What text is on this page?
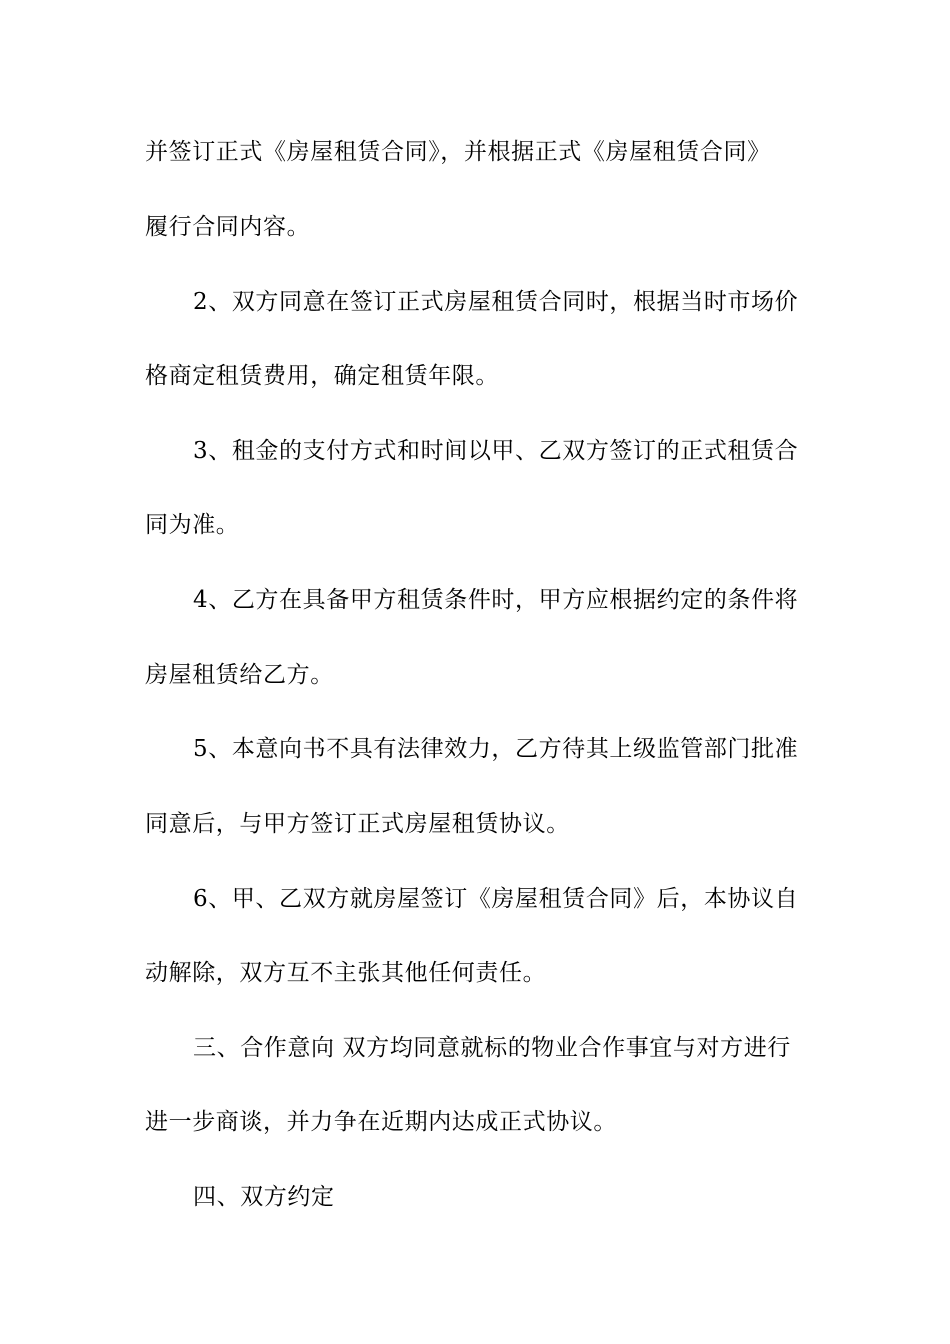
并签订正式《房屋租赁合同》，并根据正式《房屋租赁合同》
履行合同内容。
2、双方同意在签订正式房屋租赁合同时，根据当时市场价
格商定租赁费用，确定租赁年限。
3、租金的支付方式和时间以甲、乙双方签订的正式租赁合
同为准。
4、乙方在具备甲方租赁条件时，甲方应根据约定的条件将
房屋租赁给乙方。
5、本意向书不具有法律效力，乙方待其上级监管部门批准
同意后，与甲方签订正式房屋租赁协议。
6、甲、乙双方就房屋签订《房屋租赁合同》后，本协议自
动解除，双方互不主张其他任何责任。
三、合作意向 双方均同意就标的物业合作事宜与对方进行
进一步商谈，并力争在近期内达成正式协议。
四、双方约定
